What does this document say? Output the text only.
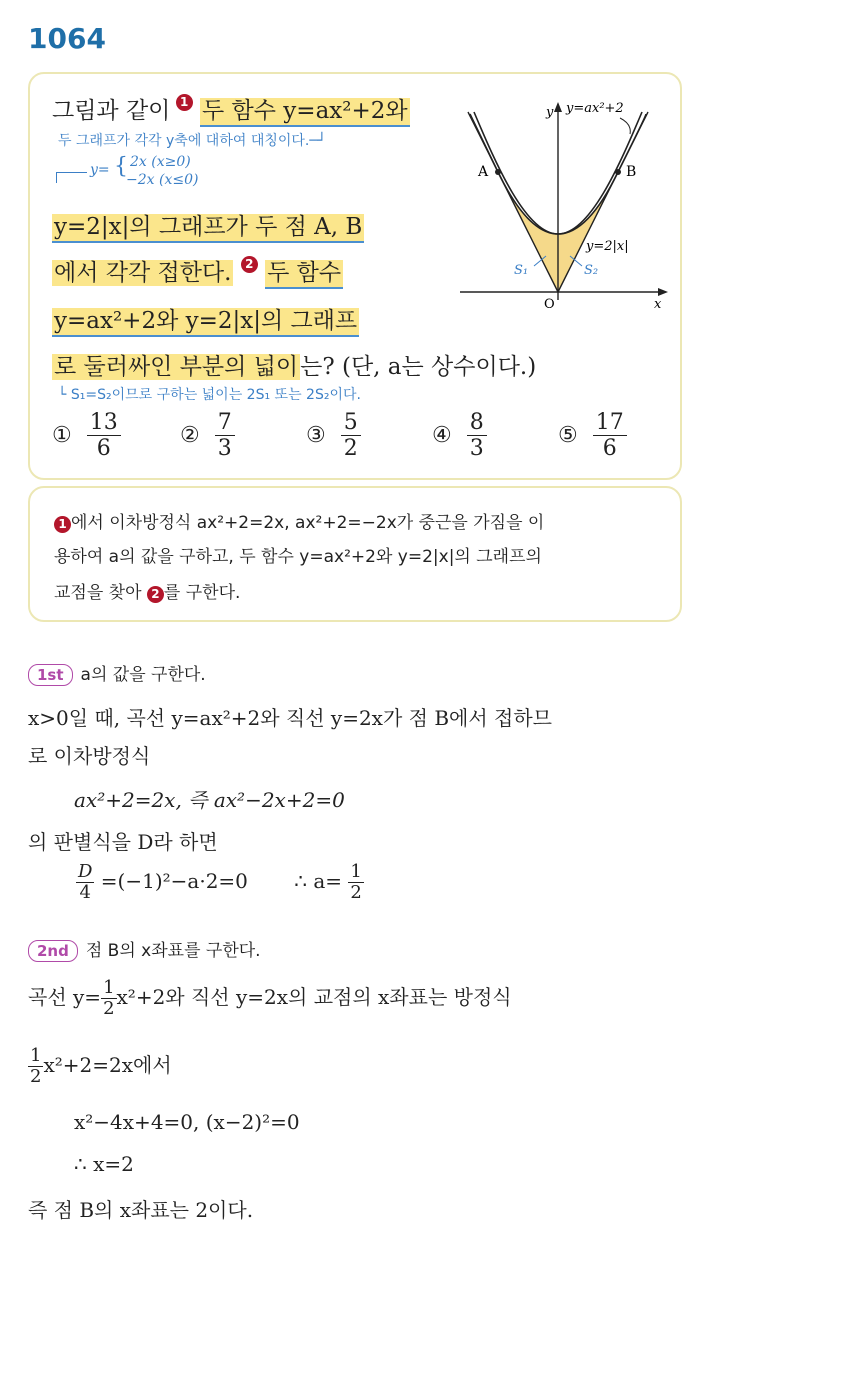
1064
그림과 같이 1 두 함수 y=ax²+2와
두 그래프가 각각 y축에 대하여 대칭이다.─┘
y= { 2x (x≥0)
−2x (x≤0)
y=2|x|의 그래프가 두 점 A, B
에서 각각 접한다. 2 두 함수
y=ax²+2와 y=2|x|의 그래프
로 둘러싸인 부분의 넓이는? (단, a는 상수이다.)
└ S₁=S₂이므로 구하는 넓이는 2S₁ 또는 2S₂이다.
① $\frac{13}{6}$	② $\frac{7}{3}$	③ $\frac{5}{2}$	④ $\frac{8}{3}$	⑤ $\frac{17}{6}$
y y=ax²+2
A	B
y=2|x|
S₁	S₂
O	x
1 에서 이차방정식 ax²+2=2x, ax²+2=−2x가 중근을 가짐을 이
용하여 a의 값을 구하고, 두 함수 y=ax²+2와 y=2|x|의 그래프의
교점을 찾아 2 를 구한다.
1st a의 값을 구한다.
x>0일 때, 곡선 y=ax²+2와 직선 y=2x가 점 B에서 접하므
로 이차방정식
ax²+2=2x, 즉 ax²−2x+2=0
의 판별식을 D라 하면
$\frac{D}{4} =(-1)^2-a\cdot 2=0$ ∴ $a= \frac{1}{2}$
2nd 점 B의 x좌표를 구한다.
곡선 $y= \frac{1}{2} x^2+2$와 직선 y=2x의 교점의 x좌표는 방정식
$\frac{1}{2} x^2+2=2x$에서
x²−4x+4=0, (x−2)²=0
∴ x=2
즉 점 B의 x좌표는 2이다.
